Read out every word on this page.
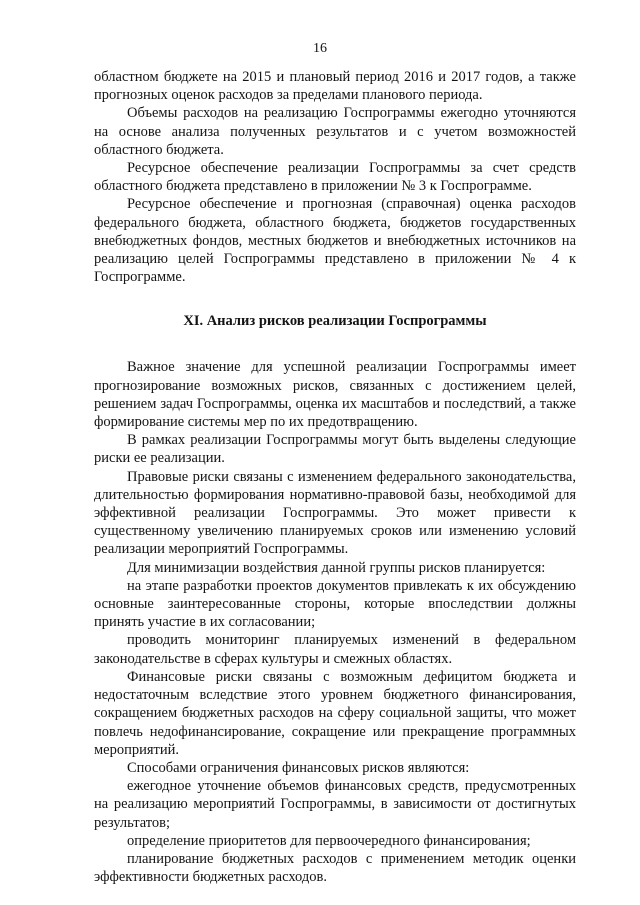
16

областном бюджете на 2015 и плановый период 2016 и 2017 годов, а также прогнозных оценок расходов за пределами планового периода.

Объемы расходов на реализацию Госпрограммы ежегодно уточняются на основе анализа полученных результатов и с учетом возможностей областного бюджета.

Ресурсное обеспечение реализации Госпрограммы за счет средств областного бюджета представлено в приложении № 3 к Госпрограмме.

Ресурсное обеспечение и прогнозная (справочная) оценка расходов федерального бюджета, областного бюджета, бюджетов государственных внебюджетных фондов, местных бюджетов и внебюджетных источников на реализацию целей Госпрограммы представлено в приложении № 4 к Госпрограмме.

XI. Анализ рисков реализации Госпрограммы

Важное значение для успешной реализации Госпрограммы имеет прогнозирование возможных рисков, связанных с достижением целей, решением задач Госпрограммы, оценка их масштабов и последствий, а также формирование системы мер по их предотвращению.

В рамках реализации Госпрограммы могут быть выделены следующие риски ее реализации.

Правовые риски связаны с изменением федерального законодательства, длительностью формирования нормативно-правовой базы, необходимой для эффективной реализации Госпрограммы. Это может привести к существенному увеличению планируемых сроков или изменению условий реализации мероприятий Госпрограммы.

Для минимизации воздействия данной группы рисков планируется:

на этапе разработки проектов документов привлекать к их обсуждению основные заинтересованные стороны, которые впоследствии должны принять участие в их согласовании;

проводить мониторинг планируемых изменений в федеральном законодательстве в сферах культуры и смежных областях.

Финансовые риски связаны с возможным дефицитом бюджета и недостаточным вследствие этого уровнем бюджетного финансирования, сокращением бюджетных расходов на сферу социальной защиты, что может повлечь недофинансирование, сокращение или прекращение программных мероприятий.

Способами ограничения финансовых рисков являются:

ежегодное уточнение объемов финансовых средств, предусмотренных на реализацию мероприятий Госпрограммы, в зависимости от достигнутых результатов;

определение приоритетов для первоочередного финансирования;

планирование бюджетных расходов с применением методик оценки эффективности бюджетных расходов.
